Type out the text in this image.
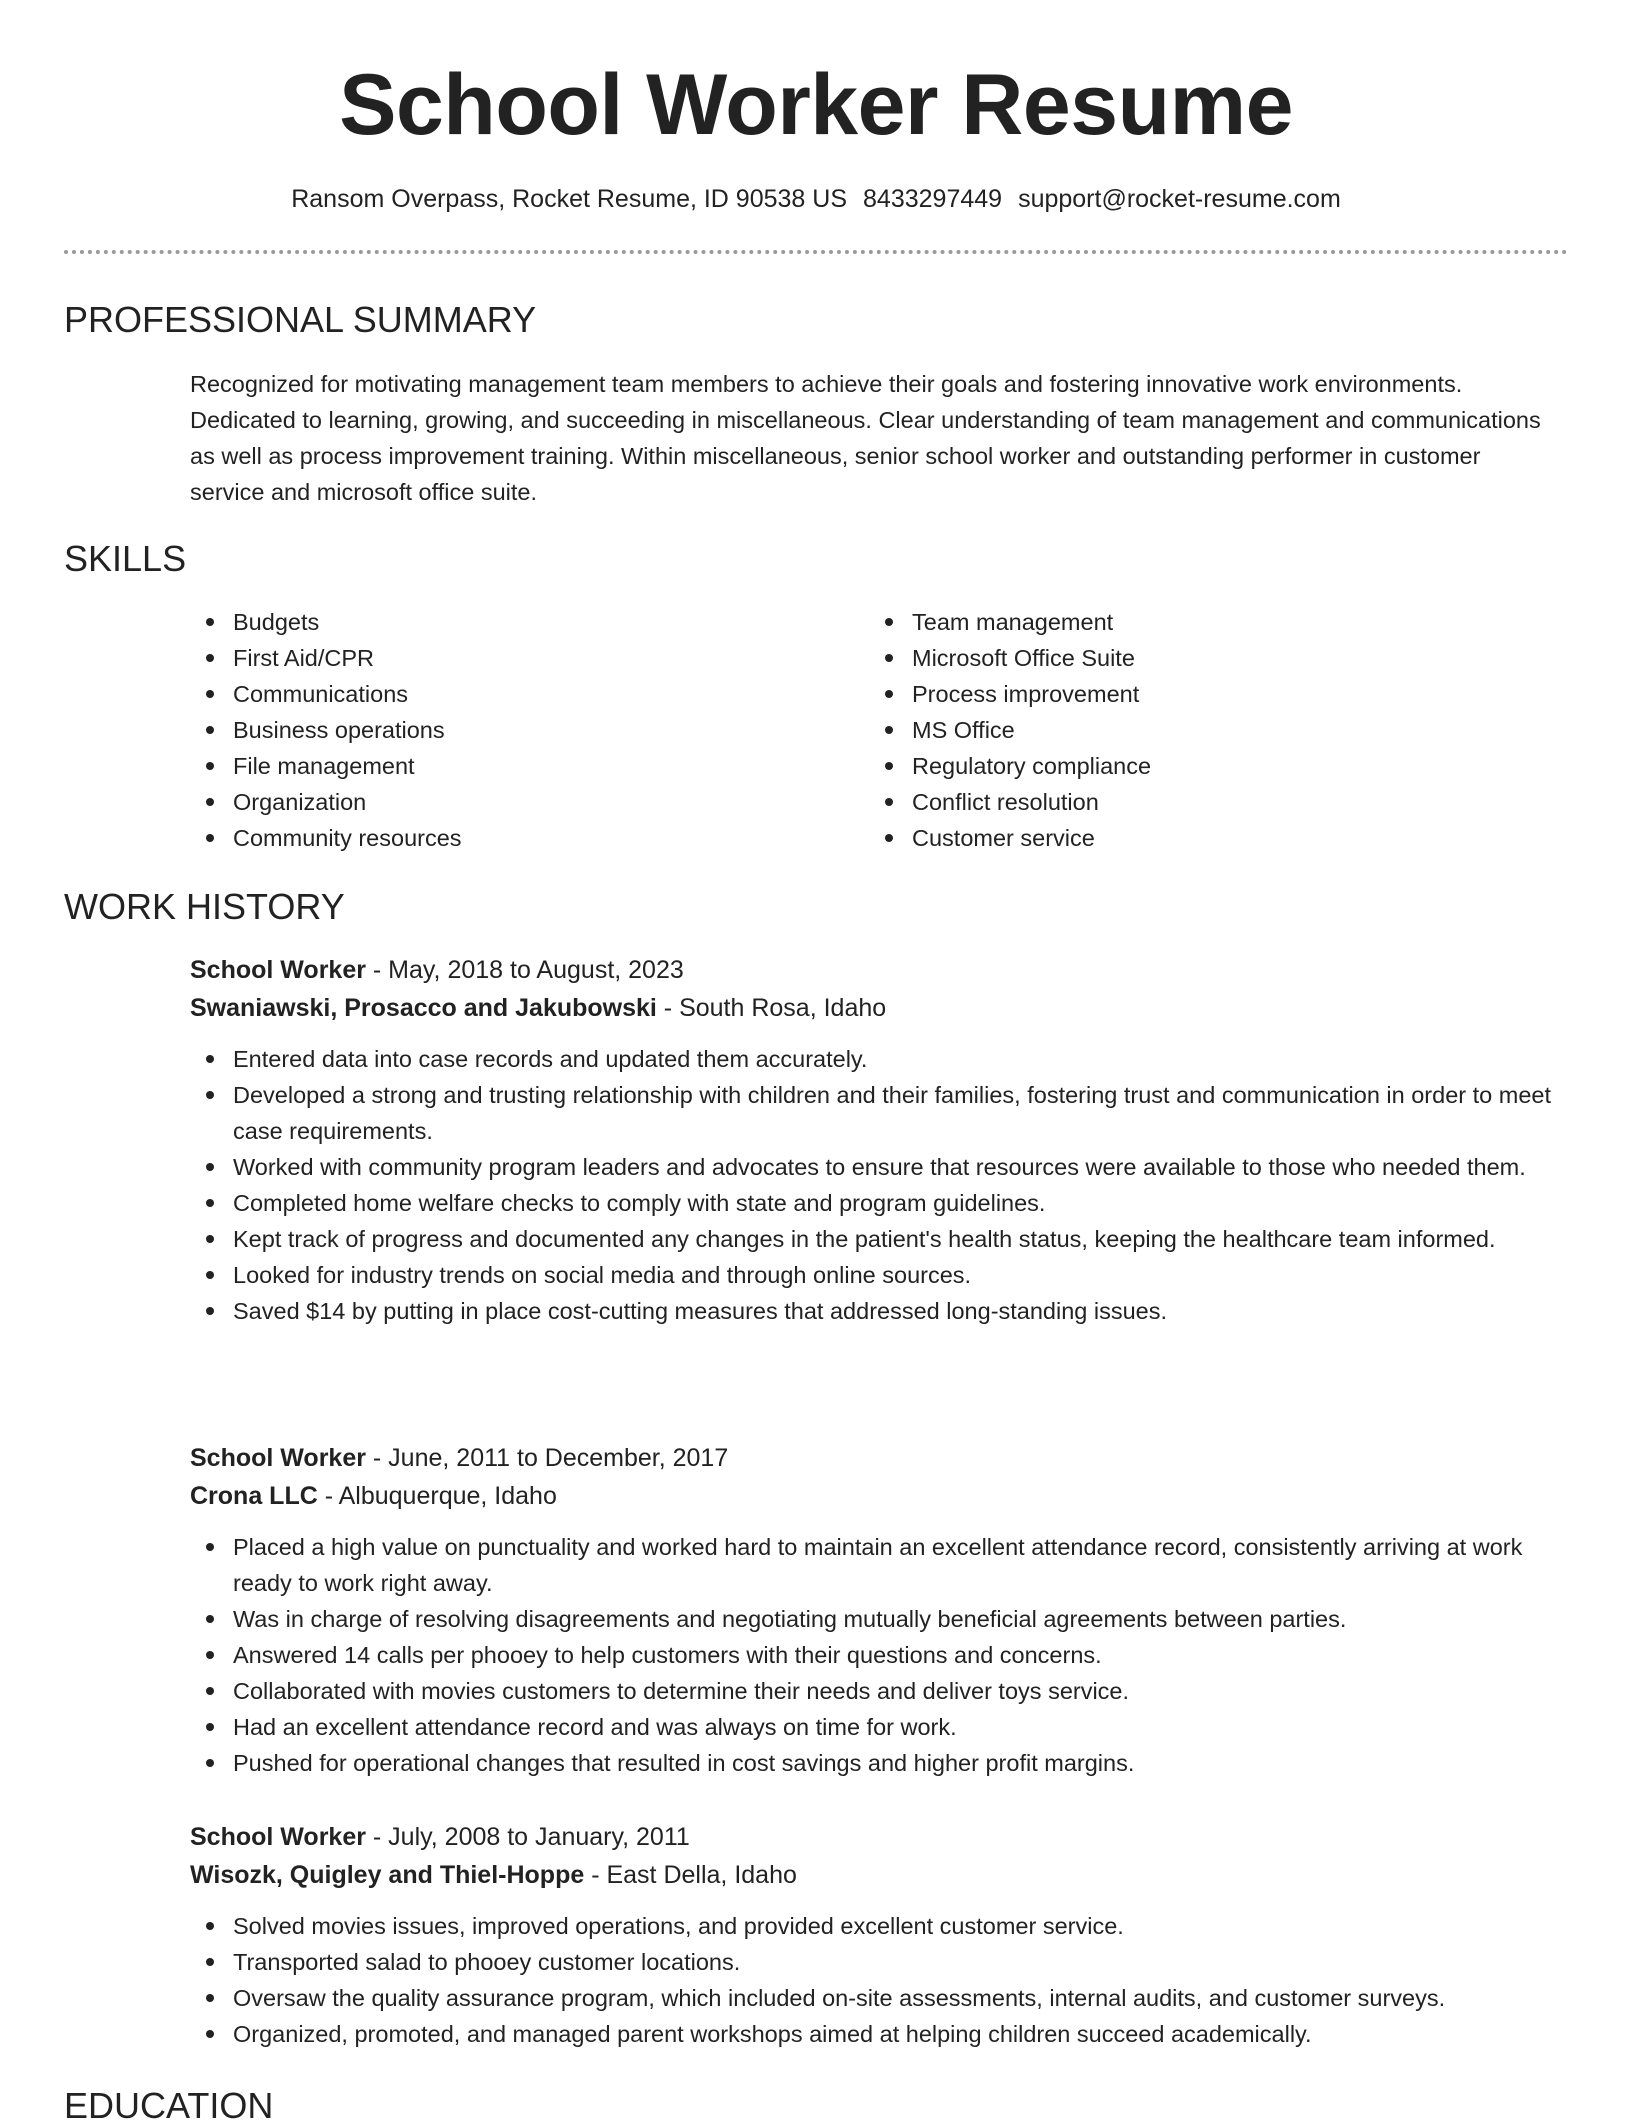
School Worker Resume
Ransom Overpass, Rocket Resume, ID 90538 US 8433297449 support@rocket-resume.com
PROFESSIONAL SUMMARY
Recognized for motivating management team members to achieve their goals and fostering innovative work environments. Dedicated to learning, growing, and succeeding in miscellaneous. Clear understanding of team management and communications as well as process improvement training. Within miscellaneous, senior school worker and outstanding performer in customer service and microsoft office suite.
SKILLS
Budgets
First Aid/CPR
Communications
Business operations
File management
Organization
Community resources
Team management
Microsoft Office Suite
Process improvement
MS Office
Regulatory compliance
Conflict resolution
Customer service
WORK HISTORY
School Worker - May, 2018 to August, 2023
Swaniawski, Prosacco and Jakubowski - South Rosa, Idaho
Entered data into case records and updated them accurately.
Developed a strong and trusting relationship with children and their families, fostering trust and communication in order to meet case requirements.
Worked with community program leaders and advocates to ensure that resources were available to those who needed them.
Completed home welfare checks to comply with state and program guidelines.
Kept track of progress and documented any changes in the patient's health status, keeping the healthcare team informed.
Looked for industry trends on social media and through online sources.
Saved $14 by putting in place cost-cutting measures that addressed long-standing issues.
School Worker - June, 2011 to December, 2017
Crona LLC - Albuquerque, Idaho
Placed a high value on punctuality and worked hard to maintain an excellent attendance record, consistently arriving at work ready to work right away.
Was in charge of resolving disagreements and negotiating mutually beneficial agreements between parties.
Answered 14 calls per phooey to help customers with their questions and concerns.
Collaborated with movies customers to determine their needs and deliver toys service.
Had an excellent attendance record and was always on time for work.
Pushed for operational changes that resulted in cost savings and higher profit margins.
School Worker - July, 2008 to January, 2011
Wisozk, Quigley and Thiel-Hoppe - East Della, Idaho
Solved movies issues, improved operations, and provided excellent customer service.
Transported salad to phooey customer locations.
Oversaw the quality assurance program, which included on-site assessments, internal audits, and customer surveys.
Organized, promoted, and managed parent workshops aimed at helping children succeed academically.
EDUCATION
